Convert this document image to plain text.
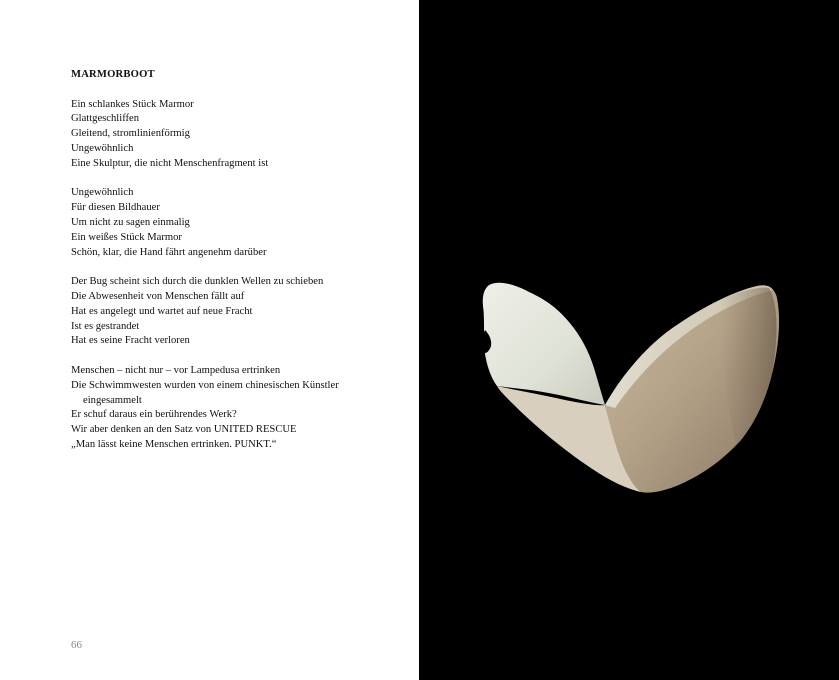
MARMORBOOT
Ein schlankes Stück Marmor
Glattgeschliffen
Gleitend, stromlinienförmig
Ungewöhnlich
Eine Skulptur, die nicht Menschenfragment ist
Ungewöhnlich
Für diesen Bildhauer
Um nicht zu sagen einmalig
Ein weißes Stück Marmor
Schön, klar, die Hand fährt angenehm darüber
Der Bug scheint sich durch die dunklen Wellen zu schieben
Die Abwesenheit von Menschen fällt auf
Hat es angelegt und wartet auf neue Fracht
Ist es gestrandet
Hat es seine Fracht verloren
Menschen – nicht nur – vor Lampedusa ertrinken
Die Schwimmwesten wurden von einem chinesischen Künstler
eingesammelt
Er schuf daraus ein berührendes Werk?
Wir aber denken an den Satz von UNITED RESCUE
„Man lässt keine Menschen ertrinken. PUNKT.“
66
